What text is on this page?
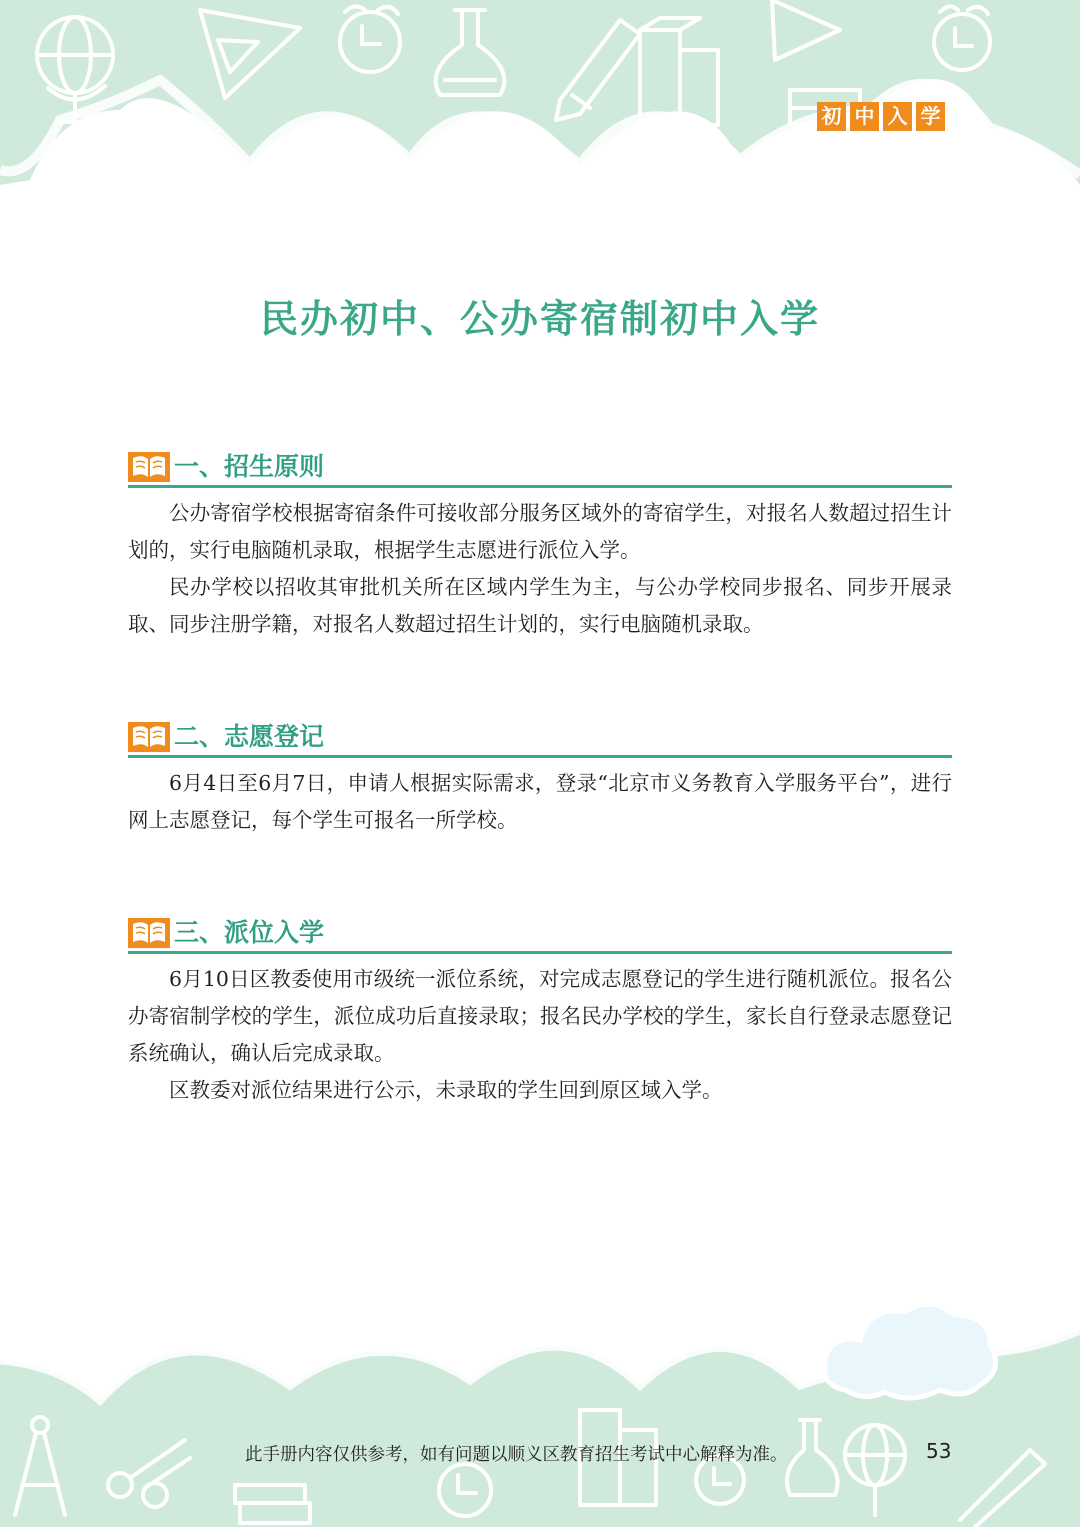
初 中 入 学
民办初中、公办寄宿制初中入学
一、招生原则

公办寄宿学校根据寄宿条件可接收部分服务区域外的寄宿学生，对报名人数超过招生计划的，实行电脑随机录取，根据学生志愿进行派位入学。

民办学校以招收其审批机关所在区域内学生为主，与公办学校同步报名、同步开展录取、同步注册学籍，对报名人数超过招生计划的，实行电脑随机录取。

二、志愿登记

6月4日至6月7日，申请人根据实际需求，登录“北京市义务教育入学服务平台”，进行网上志愿登记，每个学生可报名一所学校。

三、派位入学

6月10日区教委使用市级统一派位系统，对完成志愿登记的学生进行随机派位。报名公办寄宿制学校的学生，派位成功后直接录取；报名民办学校的学生，家长自行登录志愿登记系统确认，确认后完成录取。

区教委对派位结果进行公示，未录取的学生回到原区域入学。

此手册内容仅供参考，如有问题以顺义区教育招生考试中心解释为准。	53
